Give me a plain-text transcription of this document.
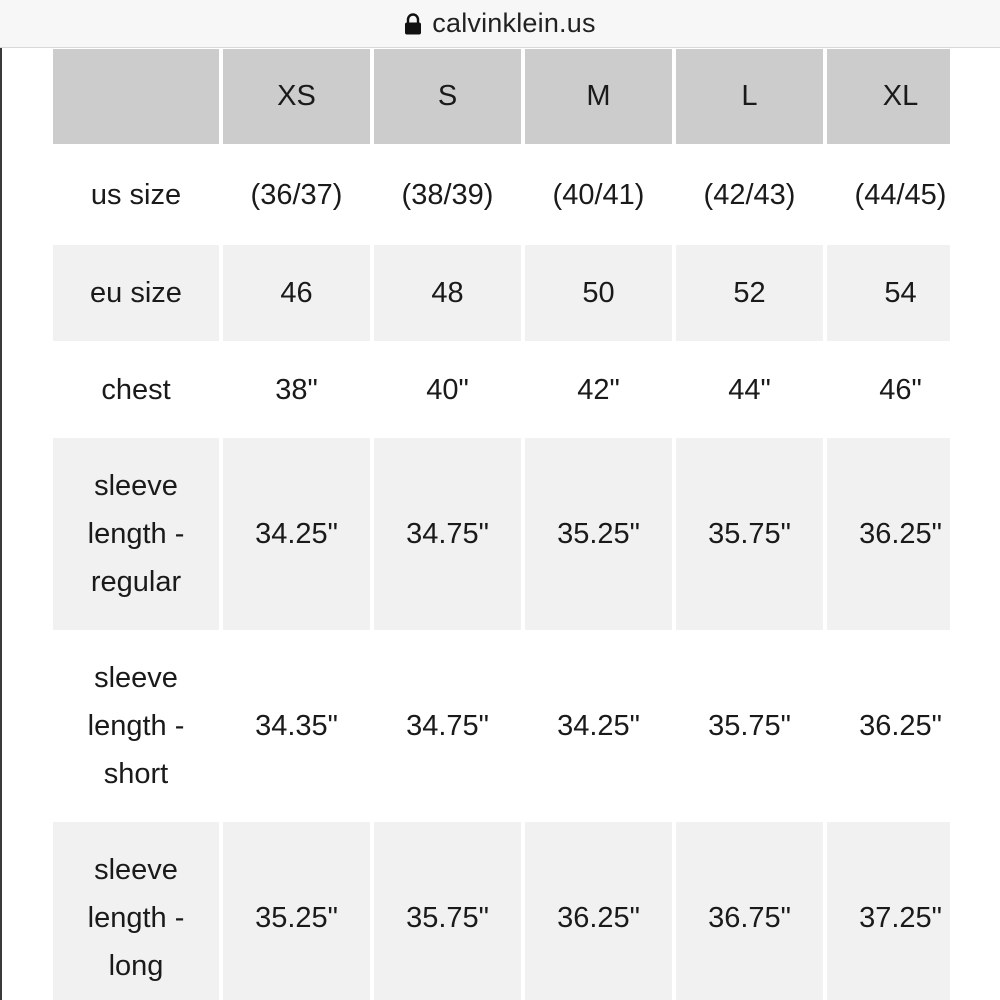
calvinklein.us
	XS	S	M	L	XL
us size	(36/37)	(38/39)	(40/41)	(42/43)	(44/45)
eu size	46	48	50	52	54
chest	38"	40"	42"	44"	46"
sleeve length - regular	34.25"	34.75"	35.25"	35.75"	36.25"
sleeve length - short	34.35"	34.75"	34.25"	35.75"	36.25"
sleeve length - long	35.25"	35.75"	36.25"	36.75"	37.25"
